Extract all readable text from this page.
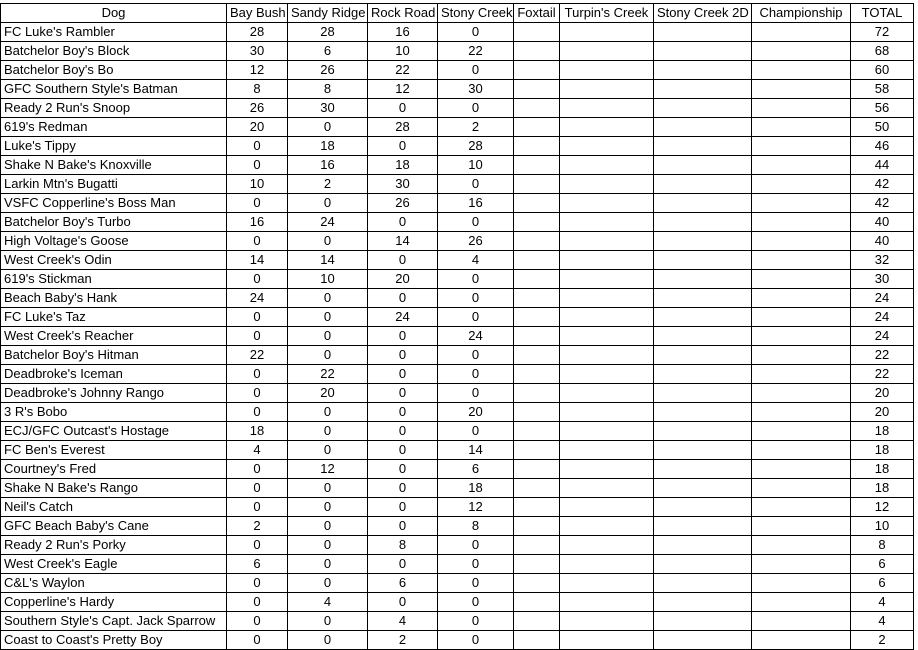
Dog	Bay Bush	Sandy Ridge	Rock Road	Stony Creek	Foxtail	Turpin's Creek	Stony Creek 2D	Championship	TOTAL
FC Luke's Rambler	28	28	16	0					72
Batchelor Boy's Block	30	6	10	22					68
Batchelor Boy's Bo	12	26	22	0					60
GFC Southern Style's Batman	8	8	12	30					58
Ready 2 Run's Snoop	26	30	0	0					56
619's Redman	20	0	28	2					50
Luke's Tippy	0	18	0	28					46
Shake N Bake's Knoxville	0	16	18	10					44
Larkin Mtn's Bugatti	10	2	30	0					42
VSFC Copperline's Boss Man	0	0	26	16					42
Batchelor Boy's Turbo	16	24	0	0					40
High Voltage's Goose	0	0	14	26					40
West Creek's Odin	14	14	0	4					32
619's Stickman	0	10	20	0					30
Beach Baby's Hank	24	0	0	0					24
FC Luke's Taz	0	0	24	0					24
West Creek's Reacher	0	0	0	24					24
Batchelor Boy's Hitman	22	0	0	0					22
Deadbroke's Iceman	0	22	0	0					22
Deadbroke's Johnny Rango	0	20	0	0					20
3 R's Bobo	0	0	0	20					20
ECJ/GFC Outcast's Hostage	18	0	0	0					18
FC Ben's Everest	4	0	0	14					18
Courtney's Fred	0	12	0	6					18
Shake N Bake's Rango	0	0	0	18					18
Neil's Catch	0	0	0	12					12
GFC Beach Baby's Cane	2	0	0	8					10
Ready 2 Run's Porky	0	0	8	0					8
West Creek's Eagle	6	0	0	0					6
C&L's Waylon	0	0	6	0					6
Copperline's Hardy	0	4	0	0					4
Southern Style's Capt. Jack Sparrow	0	0	4	0					4
Coast to Coast's Pretty Boy	0	0	2	0					2
